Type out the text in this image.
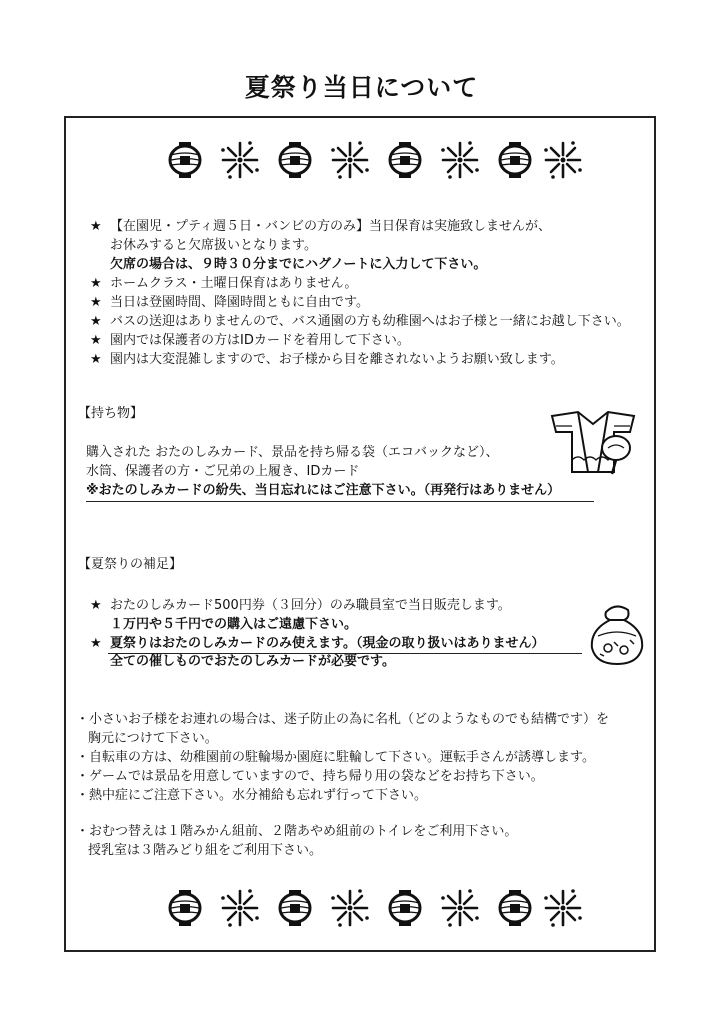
夏祭り当日について
★ 【在園児・プティ週５日・バンビの方のみ】当日保育は実施致しませんが、
お休みすると欠席扱いとなります。
欠席の場合は、９時３０分までにハグノートに入力して下さい。
★ ホームクラス・土曜日保育はありません。
★ 当日は登園時間、降園時間ともに自由です。
★ バスの送迎はありませんので、バス通園の方も幼稚園へはお子様と一緒にお越し下さい。
★ 園内では保護者の方はIDカードを着用して下さい。
★ 園内は大変混雑しますので、お子様から目を離されないようお願い致します。
【持ち物】
購入された おたのしみカード、景品を持ち帰る袋（エコバックなど）、
水筒、保護者の方・ご兄弟の上履き、IDカード
※おたのしみカードの紛失、当日忘れにはご注意下さい。（再発行はありません）
【夏祭りの補足】
★ おたのしみカード500円券（３回分）のみ職員室で当日販売します。
１万円や５千円での購入はご遠慮下さい。
★ 夏祭りはおたのしみカードのみ使えます。（現金の取り扱いはありません）
全ての催しものでおたのしみカードが必要です。
・小さいお子様をお連れの場合は、迷子防止の為に名札（どのようなものでも結構です）を
胸元につけて下さい。
・自転車の方は、幼稚園前の駐輪場か園庭に駐輪して下さい。運転手さんが誘導します。
・ゲームでは景品を用意していますので、持ち帰り用の袋などをお持ち下さい。
・熱中症にご注意下さい。水分補給も忘れず行って下さい。
・おむつ替えは１階みかん組前、２階あやめ組前のトイレをご利用下さい。
授乳室は３階みどり組をご利用下さい。
